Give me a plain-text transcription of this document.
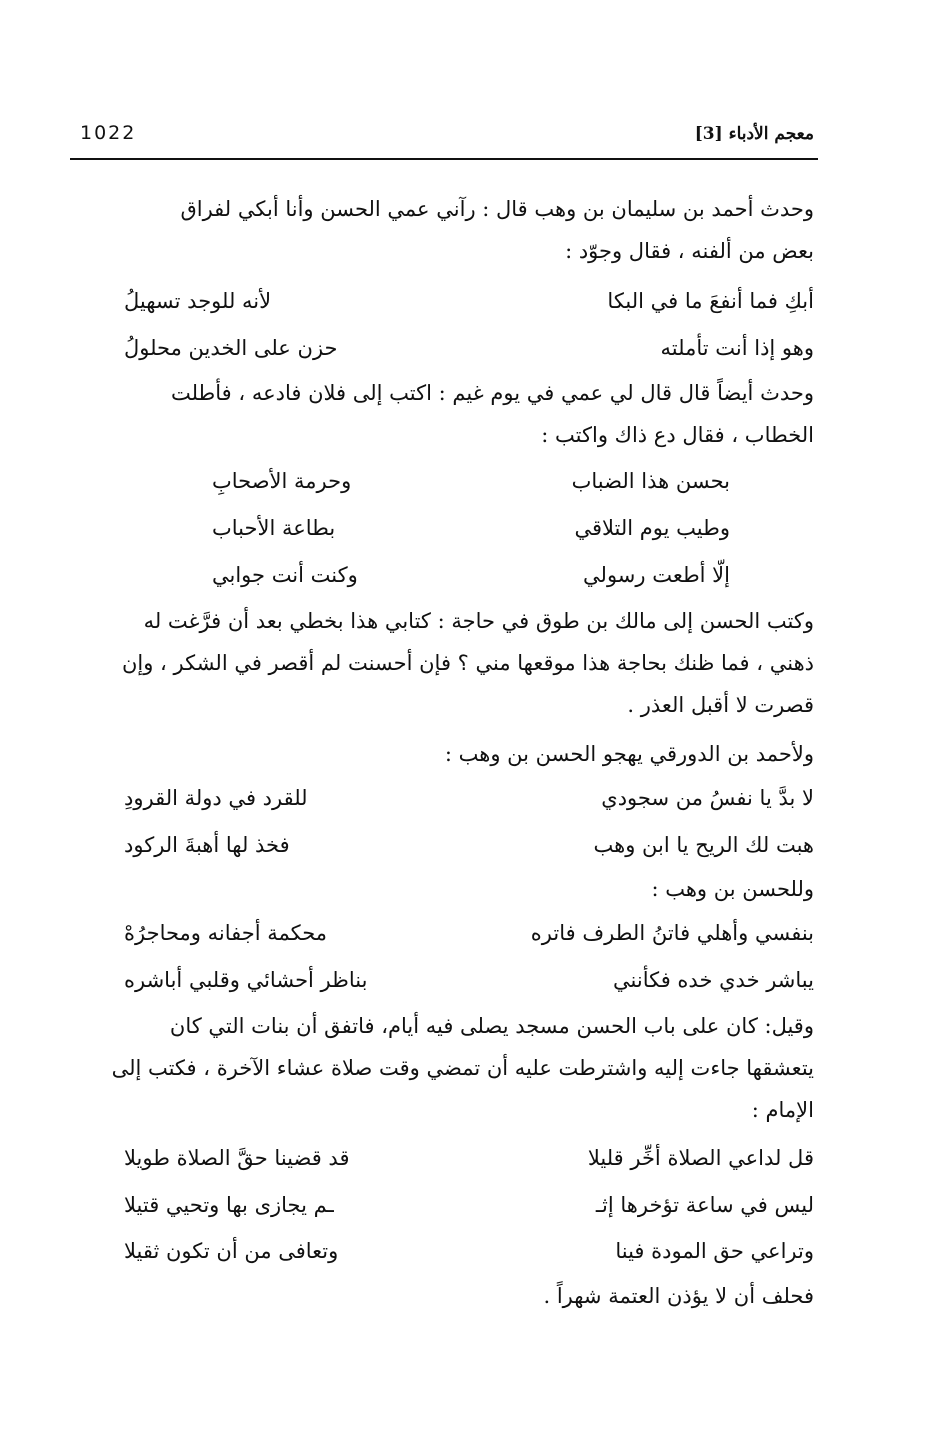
معجم الأدباء [3]
1022
وحدث أحمد بن سليمان بن وهب قال : رآني عمي الحسن وأنا أبكي لفراق
بعض من ألفنه ، فقال وجوّد :
أبكِ فما أنفعَ ما في البكا
لأنه للوجد تسهيلُ
وهو إذا أنت تأملته
حزن على الخدين محلولُ
وحدث أيضاً قال قال لي عمي في يوم غيم : اكتب إلى فلان فادعه ، فأطلت
الخطاب ، فقال دع ذاك واكتب :
بحسن هذا الضباب
وحرمة الأصحابِ
وطيب يوم التلاقي
بطاعة الأحباب
إلّا أطعت رسولي
وكنت أنت جوابي
وكتب الحسن إلى مالك بن طوق في حاجة : كتابي هذا بخطي بعد أن فرَّغت له
ذهني ، فما ظنك بحاجة هذا موقعها مني ؟ فإن أحسنت لم أقصر في الشكر ، وإن
قصرت لا أقبل العذر .
ولأحمد بن الدورقي يهجو الحسن بن وهب :
لا بدَّ يا نفسُ من سجودي
للقرد في دولة القرودِ
هبت لك الريح يا ابن وهب
فخذ لها أهبةَ الركود
وللحسن بن وهب :
بنفسي وأهلي فاتنُ الطرف فاتره
محكمة أجفانه ومحاجرُهْ
يباشر خدي خده فكأنني
بناظر أحشائي وقلبي أباشره
وقيل: كان على باب الحسن مسجد يصلى فيه أيام، فاتفق أن بنات التي كان
يتعشقها جاءت إليه واشترطت عليه أن تمضي وقت صلاة عشاء الآخرة ، فكتب إلى
الإمام :
قل لداعي الصلاة أخِّر قليلا
قد قضينا حقَّ الصلاة طويلا
ليس في ساعة تؤخرها إثـ
ـم يجازى بها وتحيي قتيلا
وتراعي حق المودة فينا
وتعافى من أن تكون ثقيلا
فحلف أن لا يؤذن العتمة شهراً .
